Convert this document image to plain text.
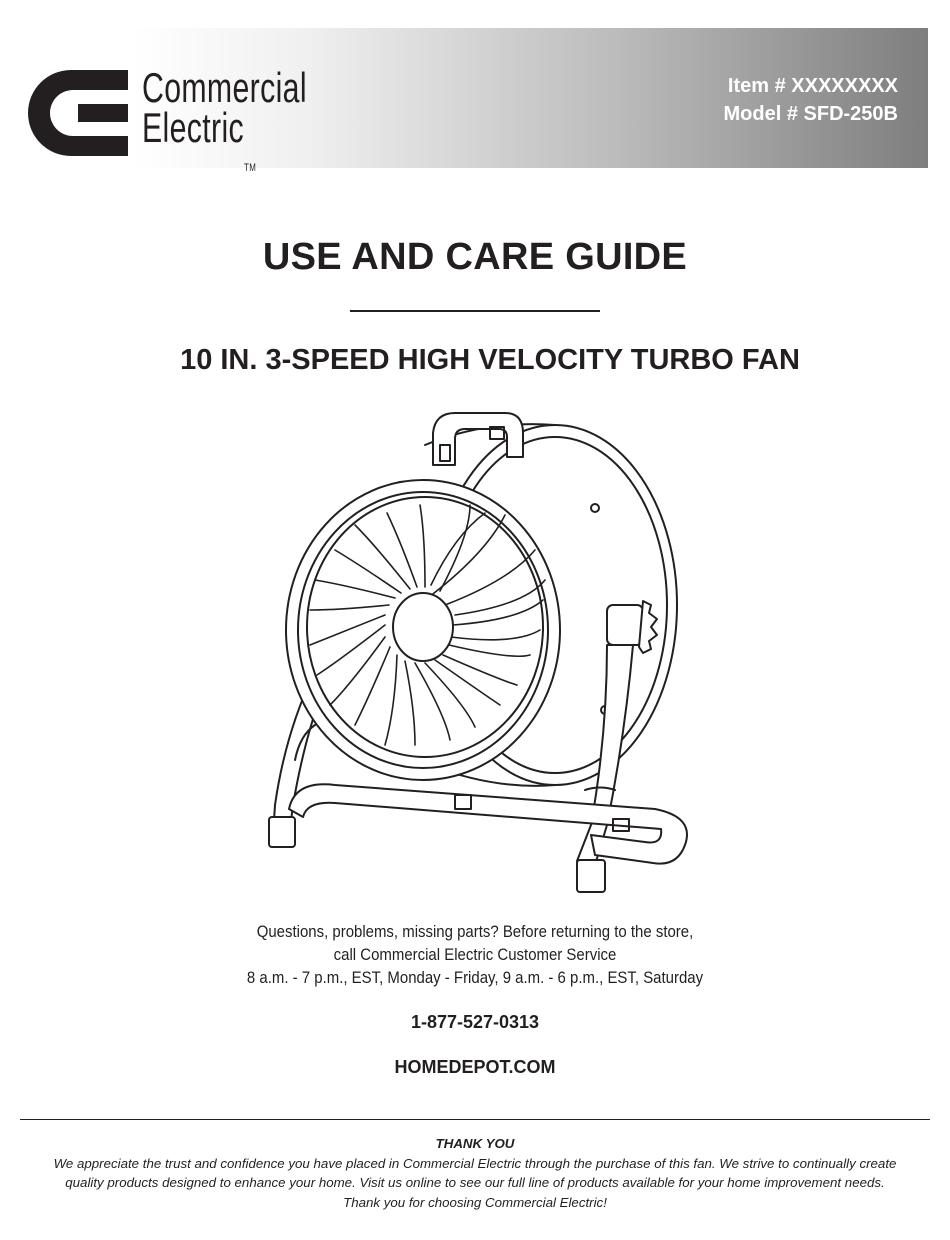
Commercial
ElectricTM
Item # XXXXXXXX
Model # SFD-250B
USE AND CARE GUIDE
10 IN. 3-SPEED HIGH VELOCITY TURBO FAN
Questions, problems, missing parts? Before returning to the store,
call Commercial Electric Customer Service
8 a.m. - 7 p.m., EST, Monday - Friday, 9 a.m. - 6 p.m., EST, Saturday
1-877-527-0313
HOMEDEPOT.COM
THANK YOU
We appreciate the trust and confidence you have placed in Commercial Electric through the purchase of this fan. We strive to continually create
quality products designed to enhance your home. Visit us online to see our full line of products available for your home improvement needs.
Thank you for choosing Commercial Electric!
